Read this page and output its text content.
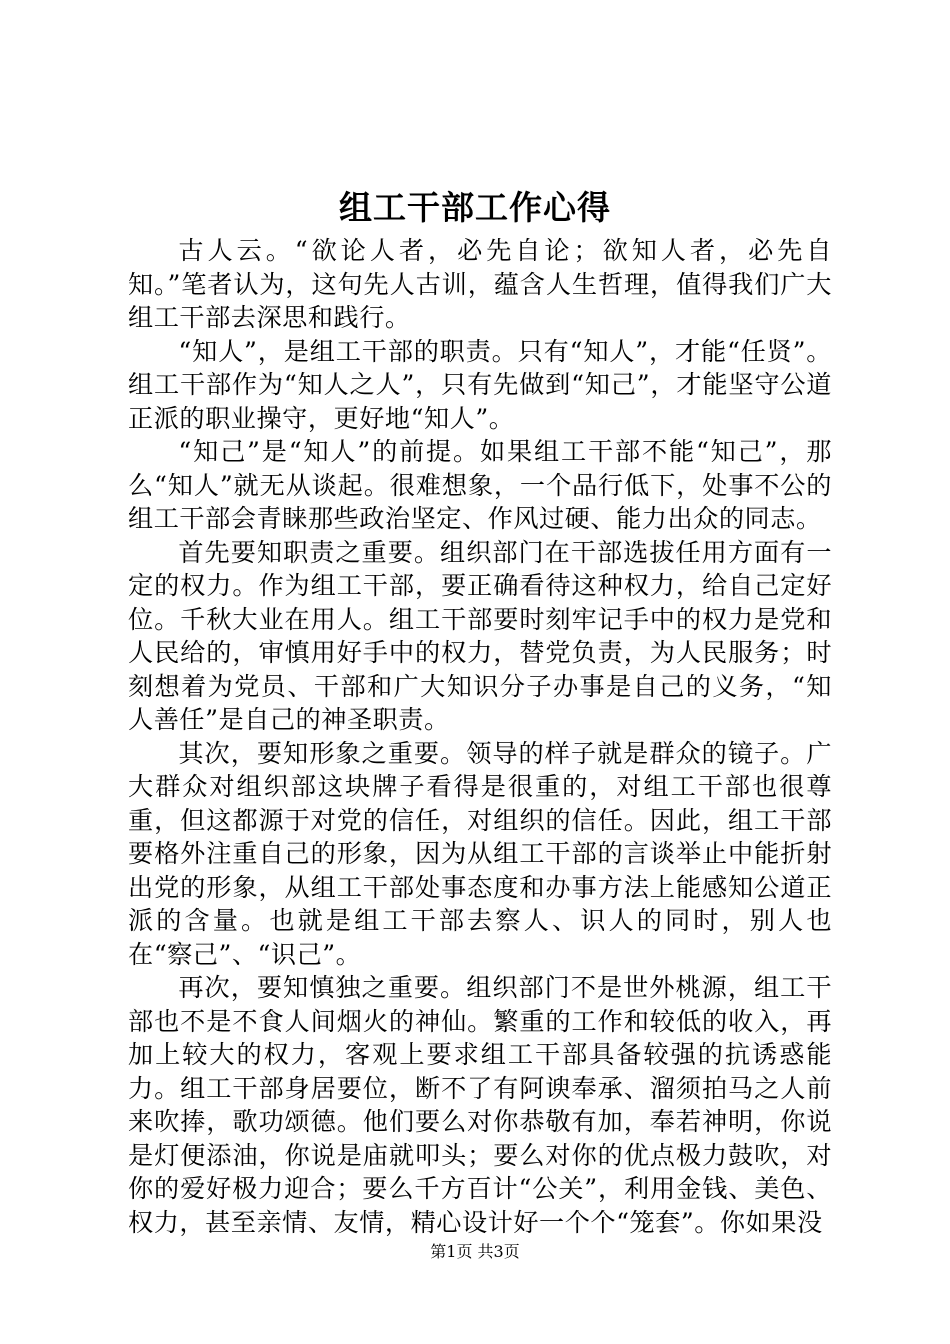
组工干部工作心得

古人云。“欲论人者，必先自论；欲知人者，必先自知。”笔者认为，这句先人古训，蕴含人生哲理，值得我们广大组工干部去深思和践行。

“知人”，是组工干部的职责。只有“知人”，才能“任贤”。组工干部作为“知人之人”，只有先做到“知己”，才能坚守公道正派的职业操守，更好地“知人”。

“知己”是“知人”的前提。如果组工干部不能“知己”，那么“知人”就无从谈起。很难想象，一个品行低下，处事不公的组工干部会青睐那些政治坚定、作风过硬、能力出众的同志。

首先要知职责之重要。组织部门在干部选拔任用方面有一定的权力。作为组工干部，要正确看待这种权力，给自己定好位。千秋大业在用人。组工干部要时刻牢记手中的权力是党和人民给的，审慎用好手中的权力，替党负责，为人民服务；时刻想着为党员、干部和广大知识分子办事是自己的义务，“知人善任”是自己的神圣职责。

其次，要知形象之重要。领导的样子就是群众的镜子。广大群众对组织部这块牌子看得是很重的，对组工干部也很尊重，但这都源于对党的信任，对组织的信任。因此，组工干部要格外注重自己的形象，因为从组工干部的言谈举止中能折射出党的形象，从组工干部处事态度和办事方法上能感知公道正派的含量。也就是组工干部去察人、识人的同时，别人也在“察己”、“识己”。

再次，要知慎独之重要。组织部门不是世外桃源，组工干部也不是不食人间烟火的神仙。繁重的工作和较低的收入，再加上较大的权力，客观上要求组工干部具备较强的抗诱惑能力。组工干部身居要位，断不了有阿谀奉承、溜须拍马之人前来吹捧，歌功颂德。他们要么对你恭敬有加，奉若神明，你说是灯便添油，你说是庙就叩头；要么对你的优点极力鼓吹，对你的爱好极力迎合；要么千方百计“公关”，利用金钱、美色、权力，甚至亲情、友情，精心设计好一个个“笼套”。你如果没

第1页 共3页
